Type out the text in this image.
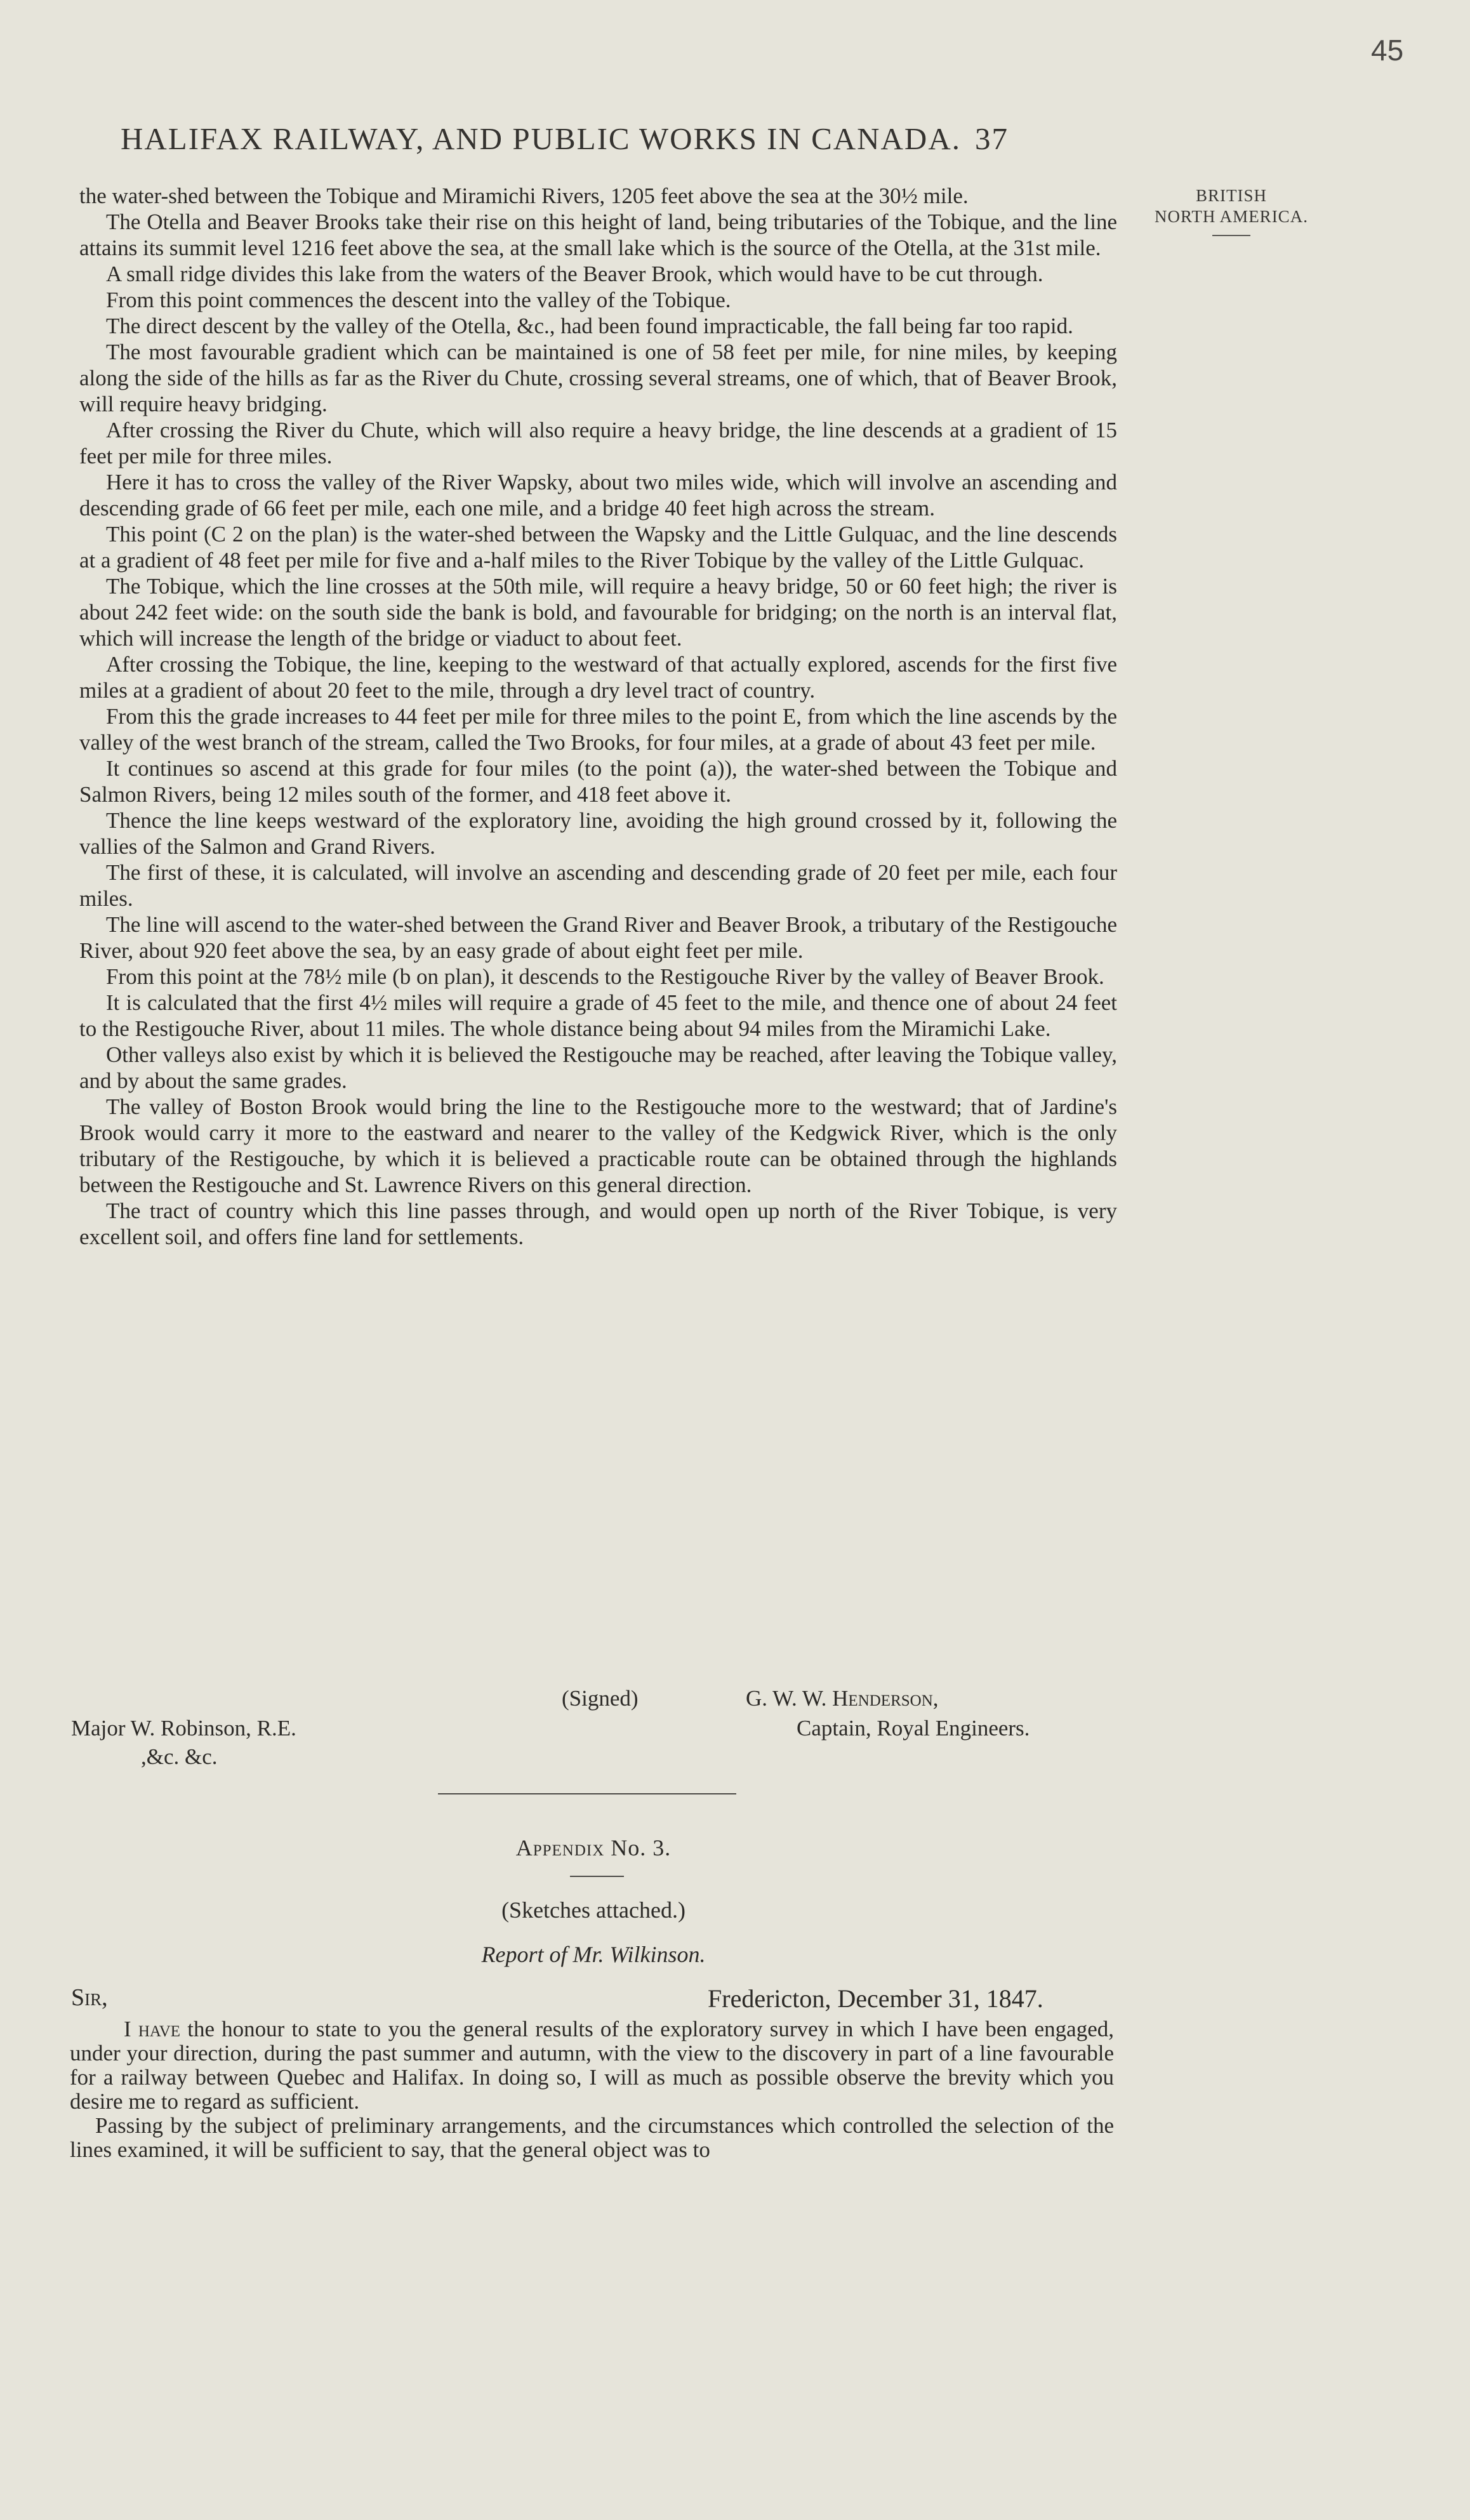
45
HALIFAX RAILWAY, AND PUBLIC WORKS IN CANADA. 37
BRITISH
NORTH AMERICA.

the water-shed between the Tobique and Miramichi Rivers, 1205 feet above the sea at the 30½ mile.

The Otella and Beaver Brooks take their rise on this height of land, being tributaries of the Tobique, and the line attains its summit level 1216 feet above the sea, at the small lake which is the source of the Otella, at the 31st mile.

A small ridge divides this lake from the waters of the Beaver Brook, which would have to be cut through.

From this point commences the descent into the valley of the Tobique.

The direct descent by the valley of the Otella, &c., had been found impracticable, the fall being far too rapid.

The most favourable gradient which can be maintained is one of 58 feet per mile, for nine miles, by keeping along the side of the hills as far as the River du Chute, crossing several streams, one of which, that of Beaver Brook, will require heavy bridging.

After crossing the River du Chute, which will also require a heavy bridge, the line descends at a gradient of 15 feet per mile for three miles.

Here it has to cross the valley of the River Wapsky, about two miles wide, which will involve an ascending and descending grade of 66 feet per mile, each one mile, and a bridge 40 feet high across the stream.

This point (C 2 on the plan) is the water-shed between the Wapsky and the Little Gulquac, and the line descends at a gradient of 48 feet per mile for five and a-half miles to the River Tobique by the valley of the Little Gulquac.

The Tobique, which the line crosses at the 50th mile, will require a heavy bridge, 50 or 60 feet high; the river is about 242 feet wide: on the south side the bank is bold, and favourable for bridging; on the north is an interval flat, which will increase the length of the bridge or viaduct to about feet.

After crossing the Tobique, the line, keeping to the westward of that actually explored, ascends for the first five miles at a gradient of about 20 feet to the mile, through a dry level tract of country.

From this the grade increases to 44 feet per mile for three miles to the point E, from which the line ascends by the valley of the west branch of the stream, called the Two Brooks, for four miles, at a grade of about 43 feet per mile.

It continues so ascend at this grade for four miles (to the point (a)), the water-shed between the Tobique and Salmon Rivers, being 12 miles south of the former, and 418 feet above it.

Thence the line keeps westward of the exploratory line, avoiding the high ground crossed by it, following the vallies of the Salmon and Grand Rivers.

The first of these, it is calculated, will involve an ascending and descending grade of 20 feet per mile, each four miles.

The line will ascend to the water-shed between the Grand River and Beaver Brook, a tributary of the Restigouche River, about 920 feet above the sea, by an easy grade of about eight feet per mile.

From this point at the 78½ mile (b on plan), it descends to the Restigouche River by the valley of Beaver Brook.

It is calculated that the first 4½ miles will require a grade of 45 feet to the mile, and thence one of about 24 feet to the Restigouche River, about 11 miles. The whole distance being about 94 miles from the Miramichi Lake.

Other valleys also exist by which it is believed the Restigouche may be reached, after leaving the Tobique valley, and by about the same grades.

The valley of Boston Brook would bring the line to the Restigouche more to the westward; that of Jardine's Brook would carry it more to the eastward and nearer to the valley of the Kedgwick River, which is the only tributary of the Restigouche, by which it is believed a practicable route can be obtained through the highlands between the Restigouche and St. Lawrence Rivers on this general direction.

The tract of country which this line passes through, and would open up north of the River Tobique, is very excellent soil, and offers fine land for settlements.

(Signed)	G. W. W. Henderson,
Major W. Robinson, R.E.	Captain, Royal Engineers.
,&c. &c.
Appendix No. 3.
(Sketches attached.)
Report of Mr. Wilkinson.
Sir,	Fredericton, December 31, 1847.

I have the honour to state to you the general results of the exploratory survey in which I have been engaged, under your direction, during the past summer and autumn, with the view to the discovery in part of a line favourable for a railway between Quebec and Halifax. In doing so, I will as much as possible observe the brevity which you desire me to regard as sufficient.

Passing by the subject of preliminary arrangements, and the circumstances which controlled the selection of the lines examined, it will be sufficient to say, that the general object was to
